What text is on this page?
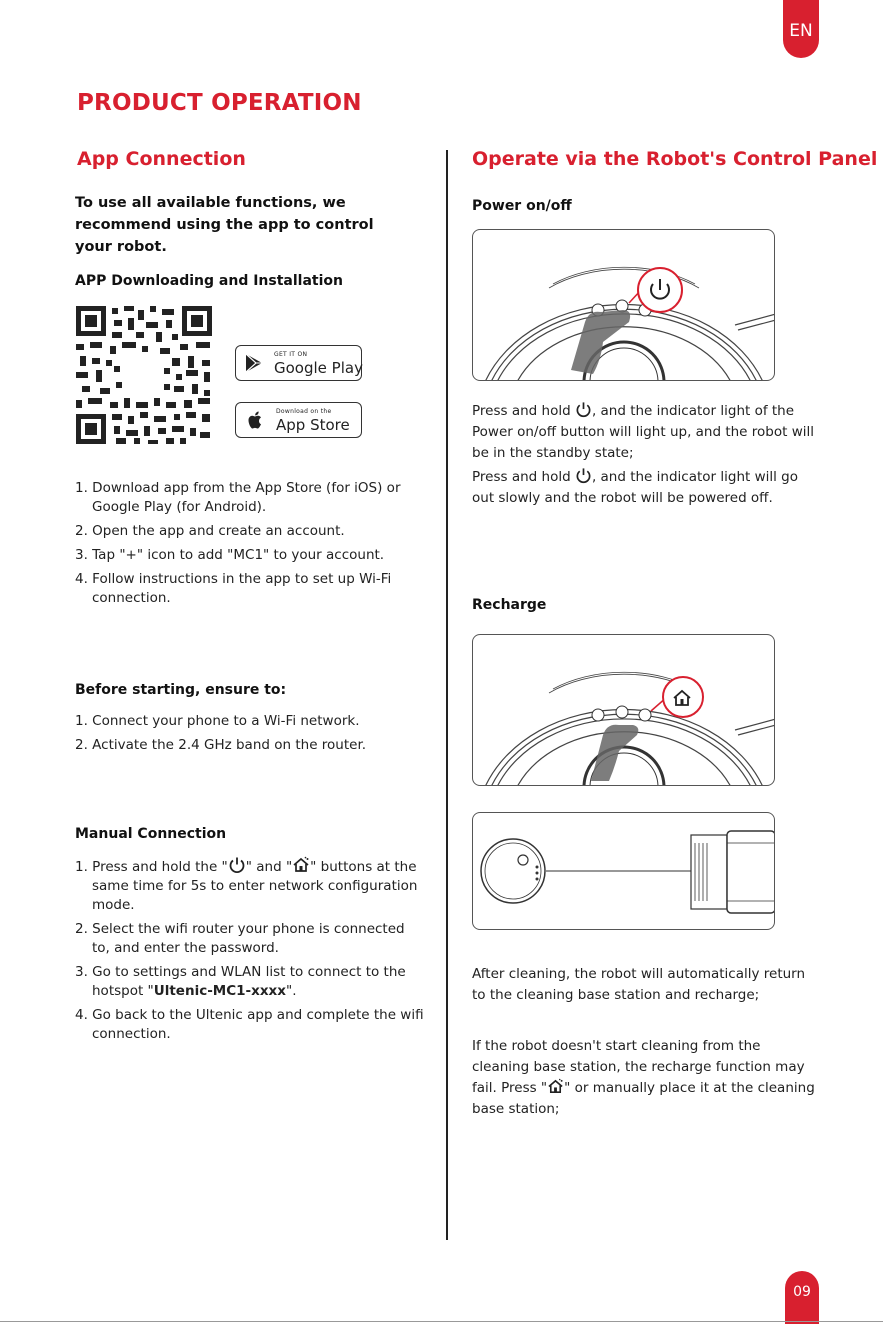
EN
PRODUCT OPERATION
App Connection
To use all available functions, we recommend using the app to control your robot.
APP Downloading and Installation
GET IT ON
Google Play
Download on the
App Store
1. Download app from the App Store (for iOS) or Google Play (for Android).
2. Open the app and create an account.
3. Tap "+" icon to add "MC1" to your account.
4. Follow instructions in the app to set up Wi-Fi connection.
Before starting, ensure to:
1. Connect your phone to a Wi-Fi network.
2. Activate the 2.4 GHz band on the router.
Manual Connection
1. Press and hold the " " and " " buttons at the same time for 5s to enter network configuration mode.
2. Select the wifi router your phone is connected to, and enter the password.
3. Go to settings and WLAN list to connect to the hotspot "Ultenic-MC1-xxxx".
4. Go back to the Ultenic app and complete the wifi connection.
Operate via the Robot's Control Panel
Power on/off
Press and hold , and the indicator light of the Power on/off button will light up, and the robot will be in the standby state;
Press and hold , and the indicator light will go out slowly and the robot will be powered off.
Recharge
After cleaning, the robot will automatically return to the cleaning base station and recharge;
If the robot doesn't start cleaning from the cleaning base station, the recharge function may fail. Press " " or manually place it at the cleaning base station;
09
